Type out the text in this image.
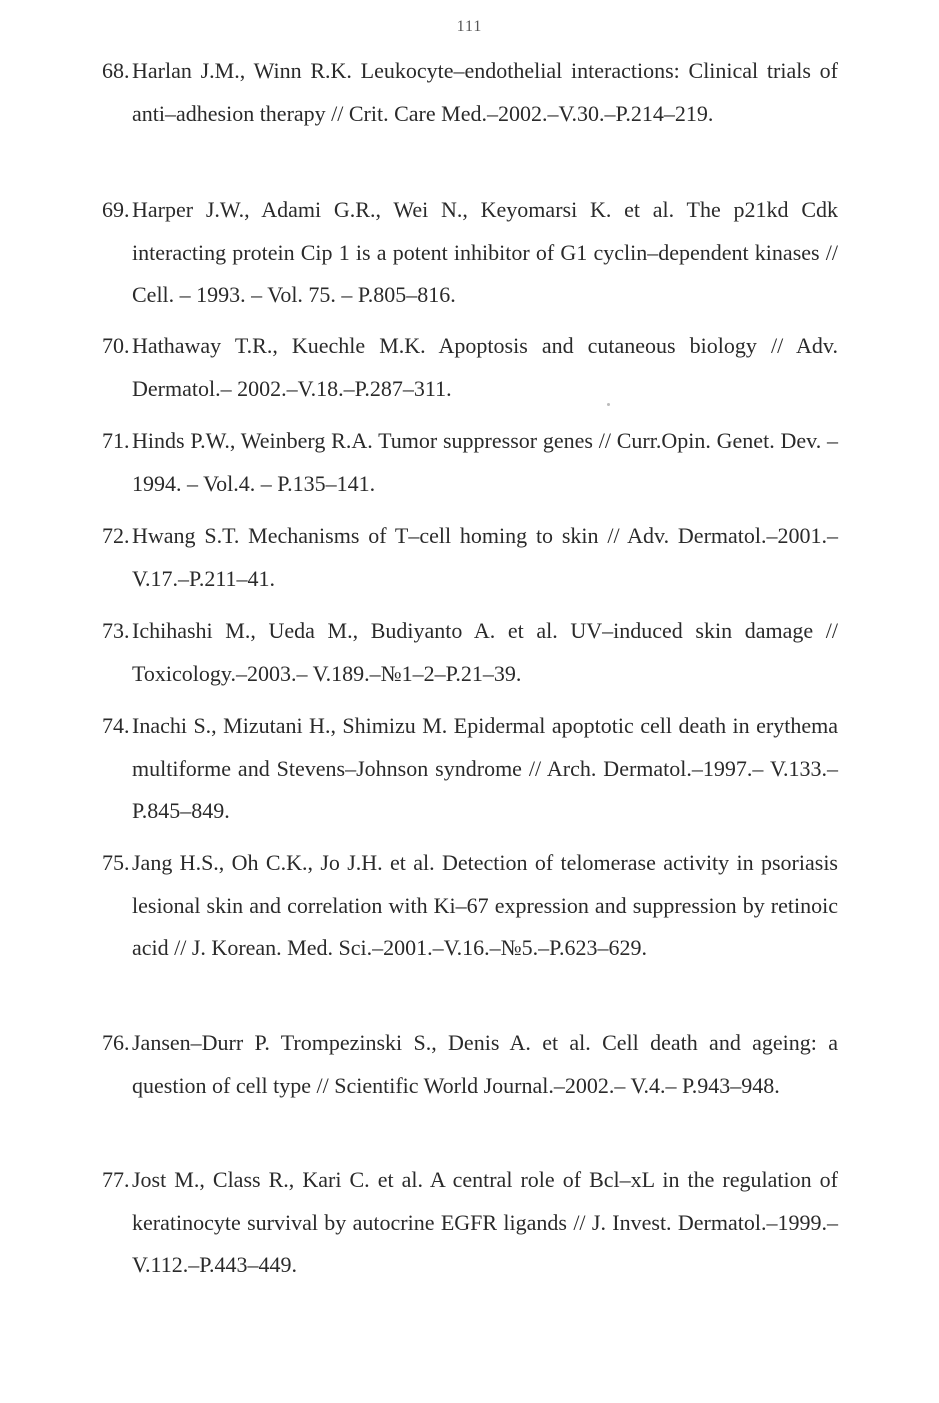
111
68. Harlan J.M., Winn R.K. Leukocyte–endothelial interactions: Clinical trials of anti–adhesion therapy // Crit. Care Med.–2002.–V.30.–P.214–219.
69. Harper J.W., Adami G.R., Wei N., Keyomarsi K. et al. The p21kd Cdk interacting protein Cip 1 is a potent inhibitor of G1 cyclin–dependent kinases // Cell. – 1993. – Vol. 75. – P.805–816.
70. Hathaway T.R., Kuechle M.K. Apoptosis and cutaneous biology // Adv. Dermatol.– 2002.–V.18.–P.287–311.
71. Hinds P.W., Weinberg R.A. Tumor suppressor genes // Curr.Opin. Genet. Dev. – 1994. – Vol.4. – P.135–141.
72. Hwang S.T. Mechanisms of T–cell homing to skin // Adv. Dermatol.–2001.–V.17.–P.211–41.
73. Ichihashi M., Ueda M., Budiyanto A. et al. UV–induced skin damage // Toxicology.–2003.– V.189.–№1–2–P.21–39.
74. Inachi S., Mizutani H., Shimizu M. Epidermal apoptotic cell death in erythema multiforme and Stevens–Johnson syndrome // Arch. Dermatol.–1997.– V.133.–P.845–849.
75. Jang H.S., Oh C.K., Jo J.H. et al. Detection of telomerase activity in psoriasis lesional skin and correlation with Ki–67 expression and suppression by retinoic acid // J. Korean. Med. Sci.–2001.–V.16.–№5.–P.623–629.
76. Jansen–Durr P. Trompezinski S., Denis A. et al. Cell death and ageing: a question of cell type // Scientific World Journal.–2002.– V.4.– P.943–948.
77. Jost M., Class R., Kari C. et al. A central role of Bcl–xL in the regulation of keratinocyte survival by autocrine EGFR ligands // J. Invest. Dermatol.–1999.–V.112.–P.443–449.
